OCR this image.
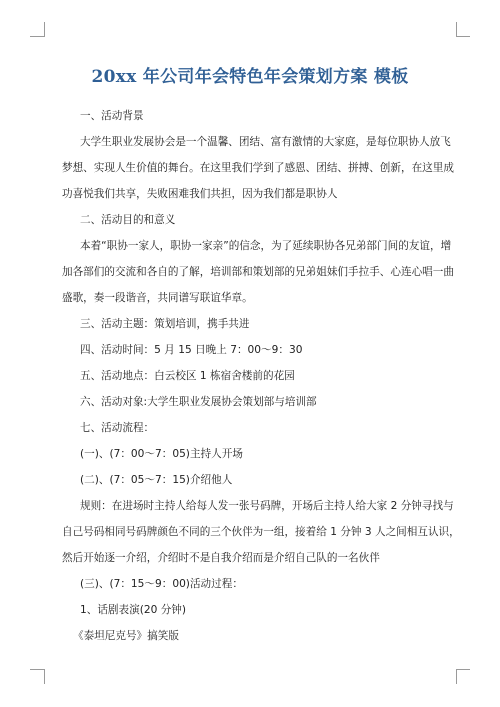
20xx 年公司年会特色年会策划方案 模板

一、活动背景

大学生职业发展协会是一个温馨、团结、富有激情的大家庭，是每位职协人放飞

梦想、实现人生价值的舞台。在这里我们学到了感恩、团结、拼搏、创新，在这里成

功喜悦我们共享，失败困难我们共担，因为我们都是职协人

二、活动目的和意义

本着“职协一家人，职协一家亲”的信念，为了延续职协各兄弟部门间的友谊，增

加各部们的交流和各自的了解，培训部和策划部的兄弟姐妹们手拉手、心连心唱一曲

盛歌，奏一段谐音，共同谱写联谊华章。

三、活动主题：策划培训，携手共进

四、活动时间：5 月 15 日晚上 7：00～9：30

五、活动地点：白云校区 1 栋宿舍楼前的花园

六、活动对象:大学生职业发展协会策划部与培训部

七、活动流程：

(一)、(7：00～7：05)主持人开场

(二)、(7：05～7：15)介绍他人

规则：在进场时主持人给每人发一张号码牌，开场后主持人给大家 2 分钟寻找与

自己号码相同号码牌颜色不同的三个伙伴为一组，接着给 1 分钟 3 人之间相互认识，

然后开始逐一介绍，介绍时不是自我介绍而是介绍自己队的一名伙伴

(三)、(7：15～9：00)活动过程：

1、话剧表演(20 分钟)

《泰坦尼克号》搞笑版
